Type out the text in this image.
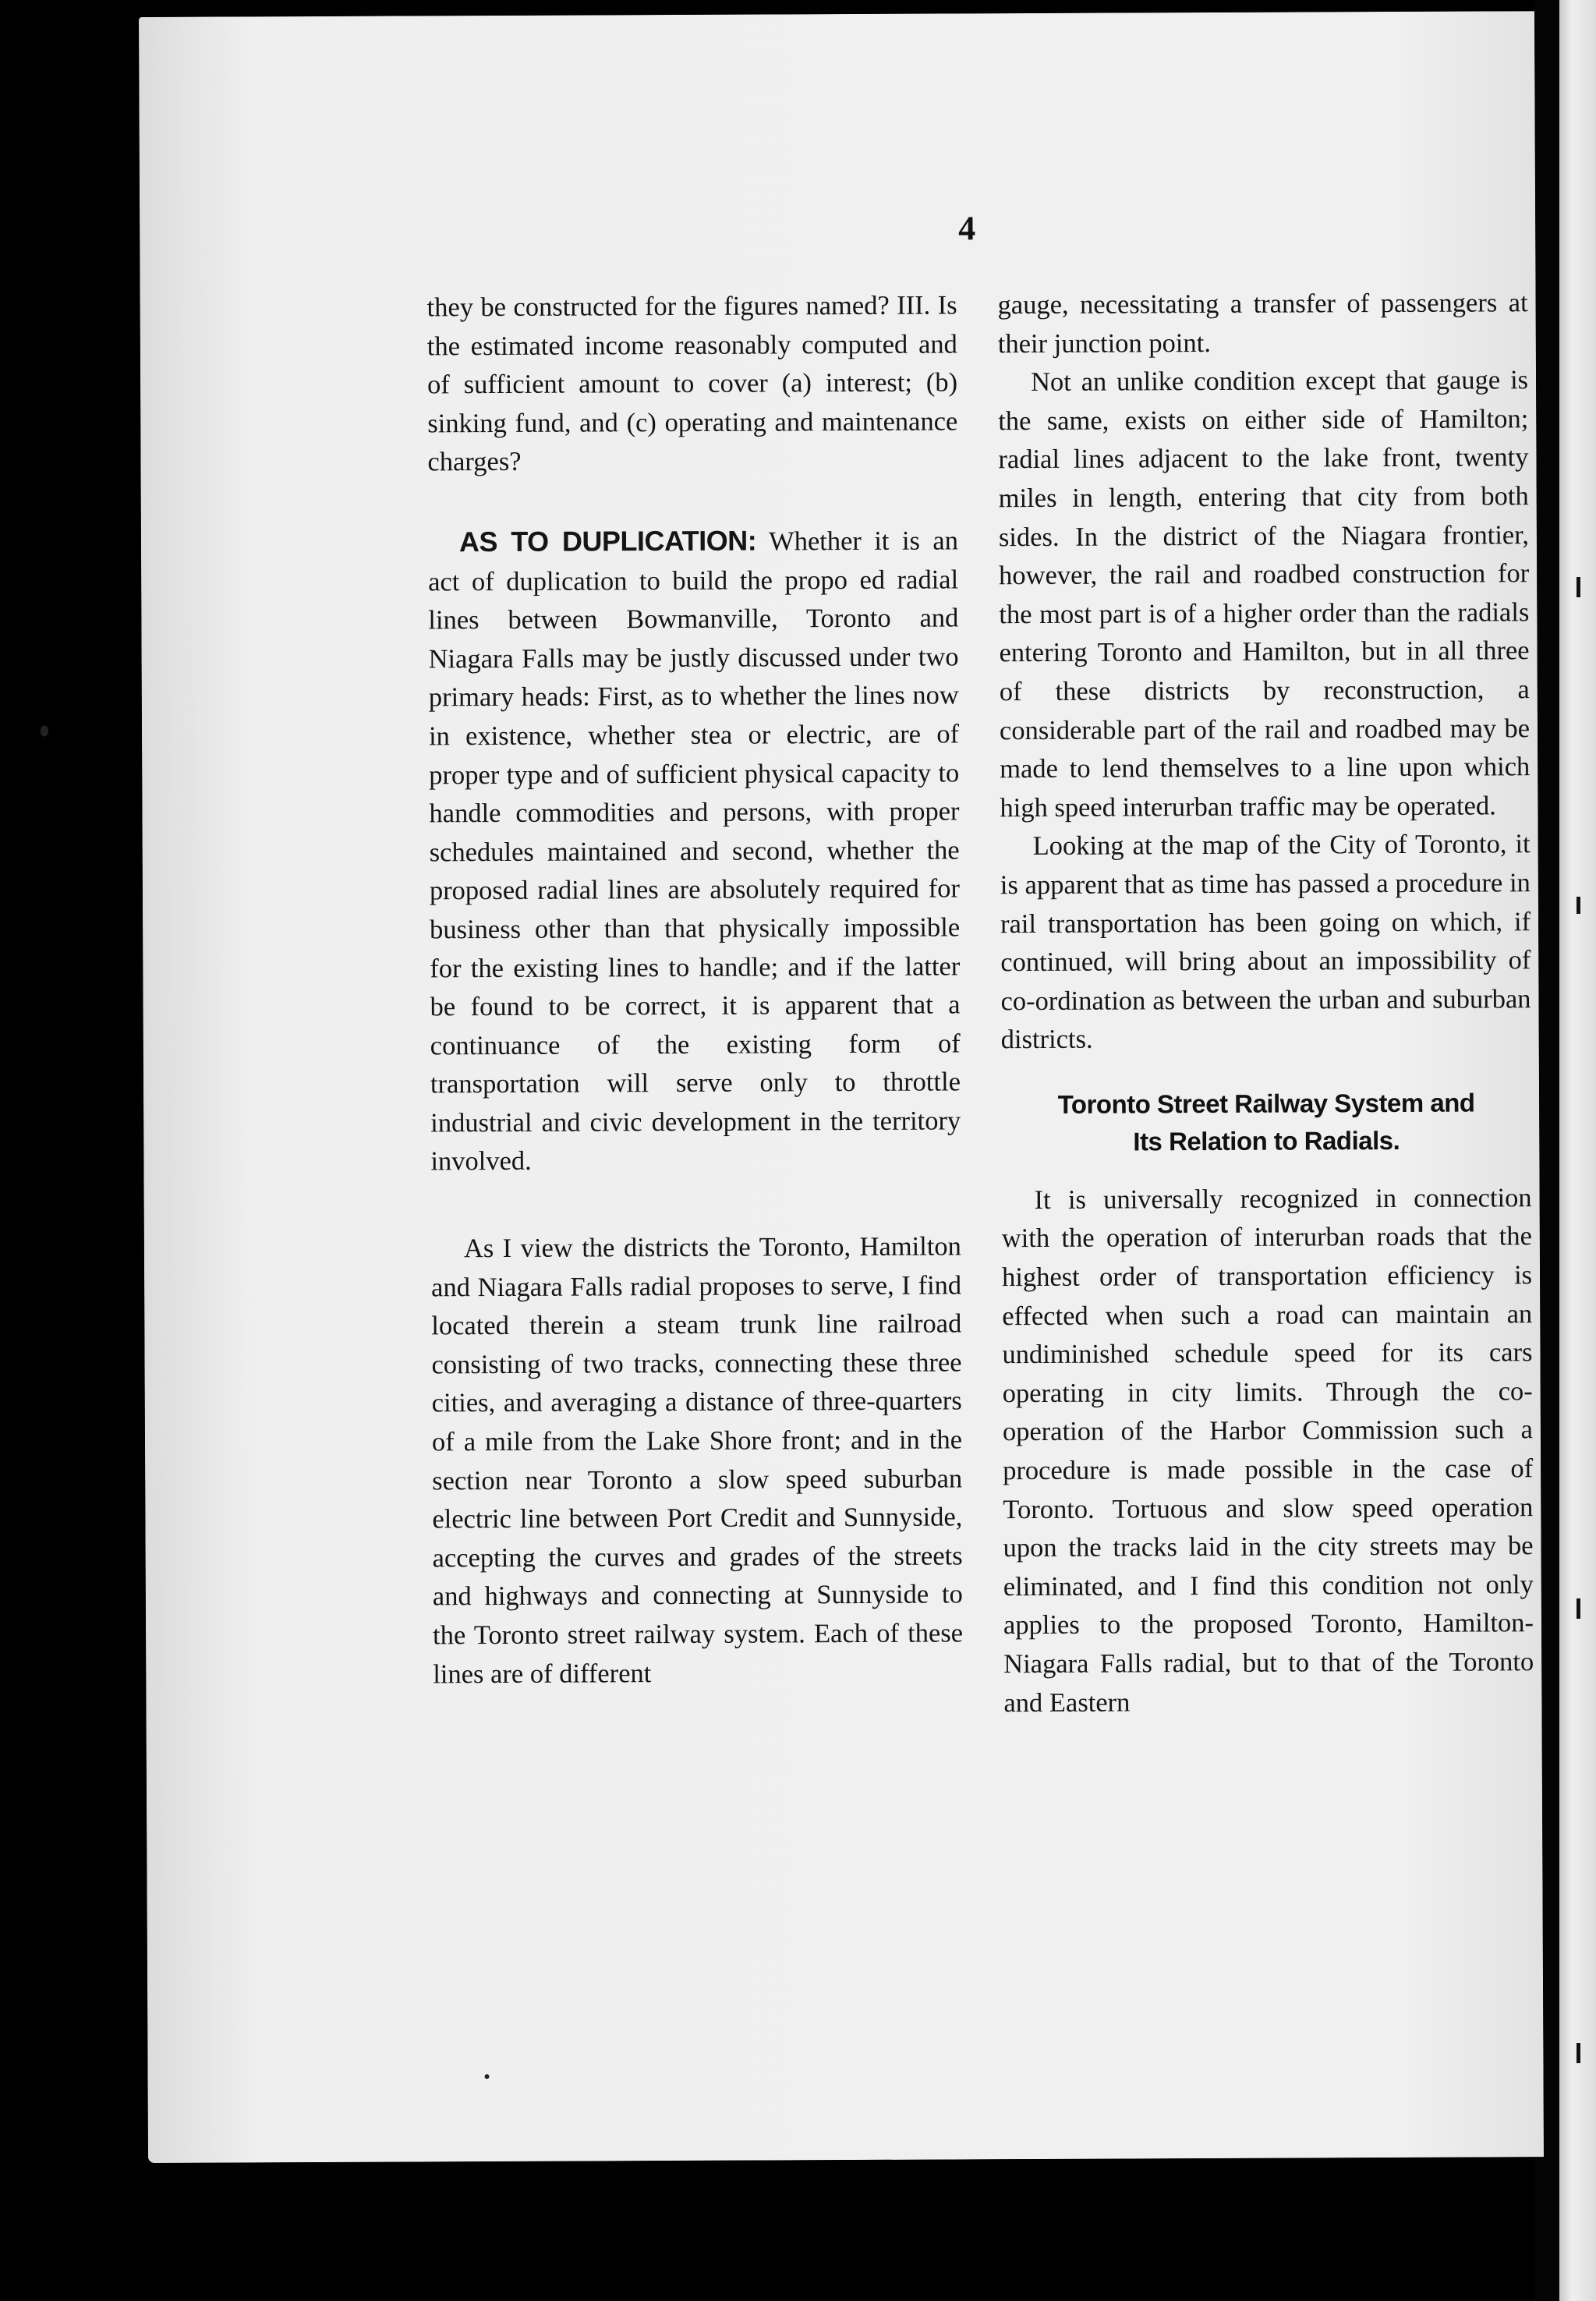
4

they be constructed for the figures named? III. Is the estimated income reasonably computed and of sufficient amount to cover (a) interest; (b) sinking fund, and (c) operating and maintenance charges?

AS TO DUPLICATION: Whether it is an act of duplication to build the propo ed radial lines between Bowmanville, Toronto and Niagara Falls may be justly discussed under two primary heads: First, as to whether the lines now in existence, whether stea or electric, are of proper type and of sufficient physical capacity to handle commodities and persons, with proper schedules maintained and second, whether the proposed radial lines are absolutely required for business other than that physically impossible for the existing lines to handle; and if the latter be found to be correct, it is apparent that a continuance of the existing form of transportation will serve only to throttle industrial and civic development in the territory involved.

As I view the districts the Toronto, Hamilton and Niagara Falls radial proposes to serve, I find located therein a steam trunk line railroad consisting of two tracks, connecting these three cities, and averaging a distance of three-quarters of a mile from the Lake Shore front; and in the section near Toronto a slow speed suburban electric line between Port Credit and Sunnyside, accepting the curves and grades of the streets and highways and connecting at Sunnyside to the Toronto street railway system. Each of these lines are of different

gauge, necessitating a transfer of passengers at their junction point.

Not an unlike condition except that gauge is the same, exists on either side of Hamilton; radial lines adjacent to the lake front, twenty miles in length, entering that city from both sides. In the district of the Niagara frontier, however, the rail and roadbed construction for the most part is of a higher order than the radials entering Toronto and Hamilton, but in all three of these districts by reconstruction, a considerable part of the rail and roadbed may be made to lend themselves to a line upon which high speed interurban traffic may be operated.

Looking at the map of the City of Toronto, it is apparent that as time has passed a procedure in rail transportation has been going on which, if continued, will bring about an impossibility of co-ordination as between the urban and suburban districts.

Toronto Street Railway System and
Its Relation to Radials.

It is universally recognized in connection with the operation of interurban roads that the highest order of transportation efficiency is effected when such a road can maintain an undiminished schedule speed for its cars operating in city limits. Through the co-operation of the Harbor Commission such a procedure is made possible in the case of Toronto. Tortuous and slow speed operation upon the tracks laid in the city streets may be eliminated, and I find this condition not only applies to the proposed Toronto, Hamilton-Niagara Falls radial, but to that of the Toronto and Eastern
